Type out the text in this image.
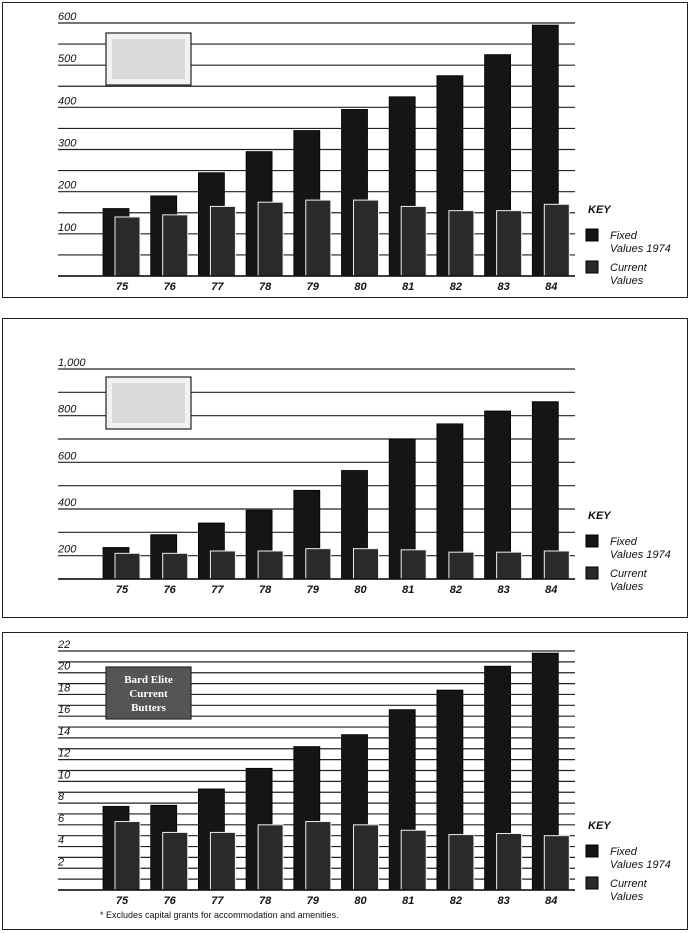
100
200
300
400
500
600
75	76	77	78	79	80	81	82	83	84
KEY
Fixed
Values 1974
Current
Values
200
400
600
800
1,000
75	76	77	78	79	80	81	82	83	84
KEY
Fixed
Values 1974
Current
Values
2
4
6
8
10
12
14
16
18
20
22
75	76	77	78	79	80	81	82	83	84
Bard Elite
Current
Butters
KEY
Fixed
Values 1974
Current
Values
* Excludes capital grants for accommodation and amenities.
